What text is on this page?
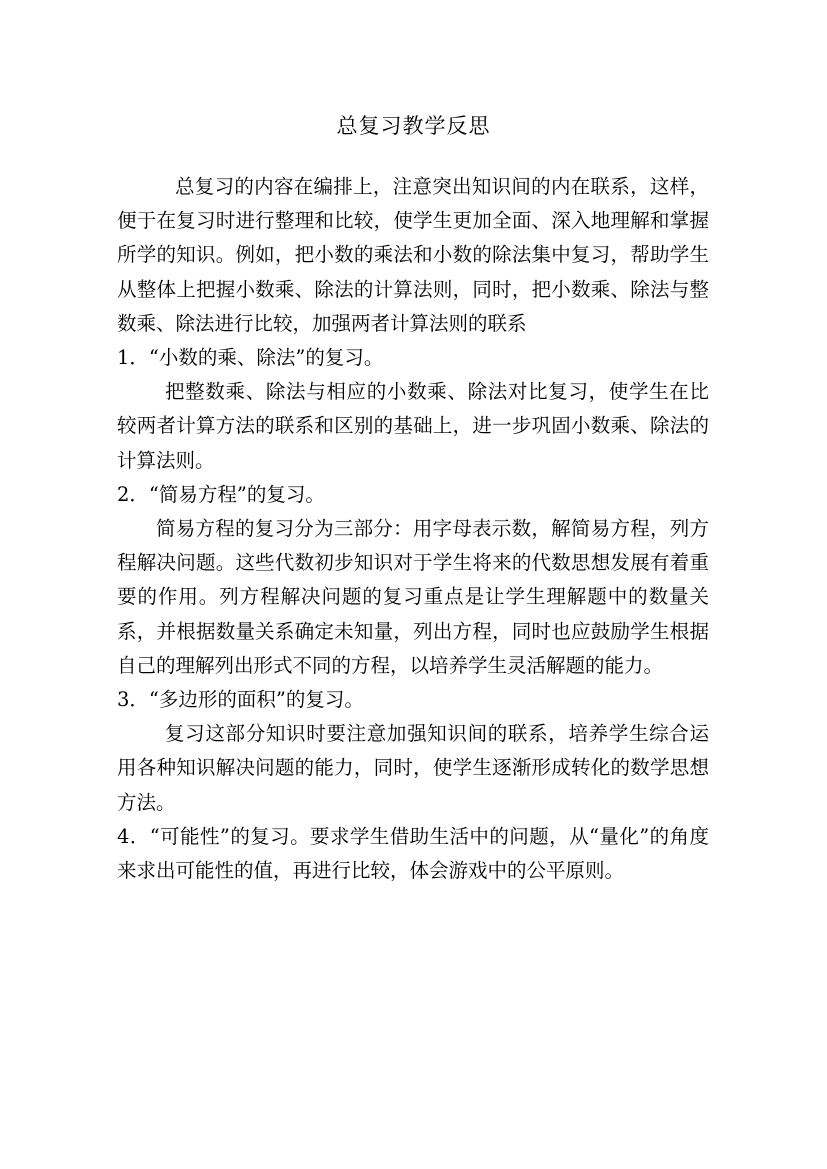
总复习教学反思

总复习的内容在编排上，注意突出知识间的内在联系，这样，便于在复习时进行整理和比较，使学生更加全面、深入地理解和掌握所学的知识。例如，把小数的乘法和小数的除法集中复习，帮助学生从整体上把握小数乘、除法的计算法则，同时，把小数乘、除法与整数乘、除法进行比较，加强两者计算法则的联系

1．“小数的乘、除法”的复习。

把整数乘、除法与相应的小数乘、除法对比复习，使学生在比较两者计算方法的联系和区别的基础上，进一步巩固小数乘、除法的计算法则。

2．“简易方程”的复习。

简易方程的复习分为三部分：用字母表示数，解简易方程，列方程解决问题。这些代数初步知识对于学生将来的代数思想发展有着重要的作用。列方程解决问题的复习重点是让学生理解题中的数量关系，并根据数量关系确定未知量，列出方程，同时也应鼓励学生根据自己的理解列出形式不同的方程，以培养学生灵活解题的能力。

3．“多边形的面积”的复习。

复习这部分知识时要注意加强知识间的联系，培养学生综合运用各种知识解决问题的能力，同时，使学生逐渐形成转化的数学思想方法。

4．“可能性”的复习。要求学生借助生活中的问题，从“量化”的角度来求出可能性的值，再进行比较，体会游戏中的公平原则。
